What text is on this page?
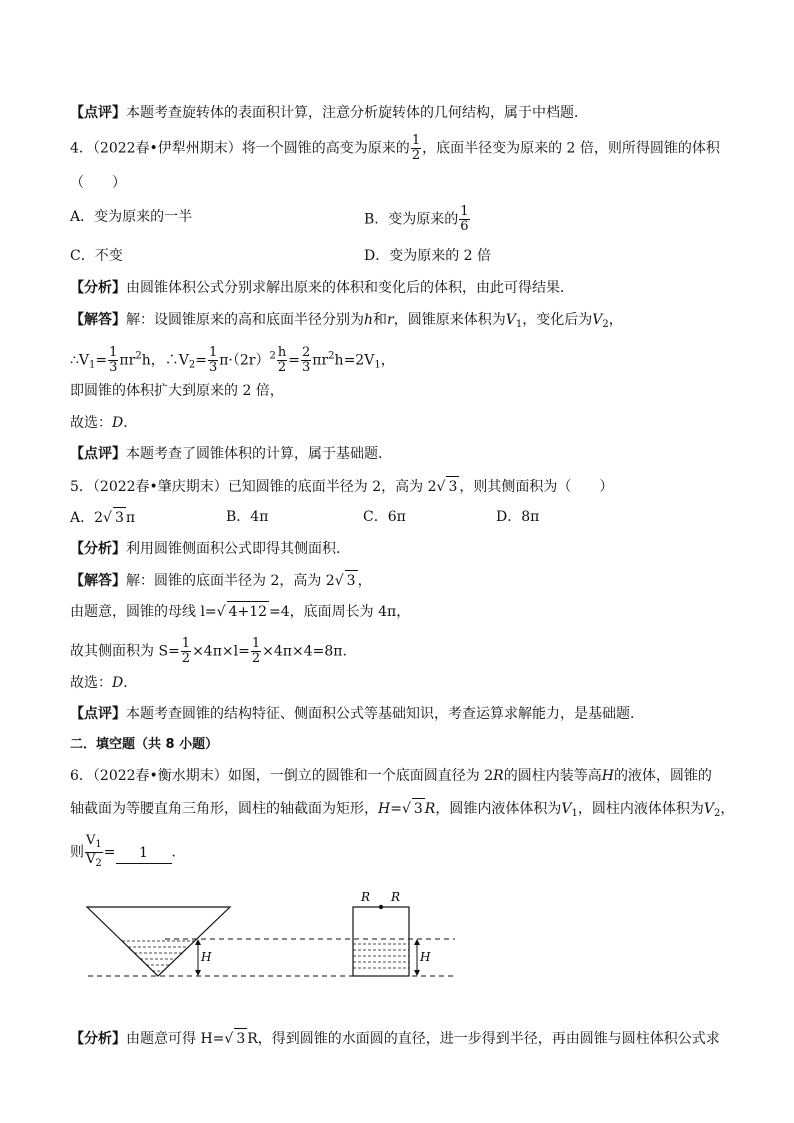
【点评】本题考查旋转体的表面积计算，注意分析旋转体的几何结构，属于中档题．
4．（2022春•伊犁州期末）将一个圆锥的高变为原来的 $\frac{1}{2}$ ，底面半径变为原来的 2 倍，则所得圆锥的体积
（　　）
A．变为原来的一半	B．变为原来的 $\frac{1}{6}$
C．不变	D．变为原来的 2 倍
【分析】由圆锥体积公式分别求解出原来的体积和变化后的体积，由此可得结果．
【解答】解：设圆锥原来的高和底面半径分别为h和r，圆锥原来体积为$V_1$，变化后为$V_2$，
$\therefore V_1= \frac{1}{3} \pi r^2h$，$\therefore V_2= \frac{1}{3} \pi\cdot(2r)^2 \frac{h}{2} = \frac{2}{3} \pi r^2h=2V_1$，
即圆锥的体积扩大到原来的 2 倍，
故选：D．
【点评】本题考查了圆锥体积的计算，属于基础题．
5．（2022春•肇庆期末）已知圆锥的底面半径为 2，高为 2 √ 3 ，则其侧面积为（　　）
A．2 √ 3 π	B．4π	C．6π	D．8π
【分析】利用圆锥侧面积公式即得其侧面积．
【解答】解：圆锥的底面半径为 2，高为 2 √ 3 ，
由题意，圆锥的母线 l= √ 4+12 =4，底面周长为 4π，
故其侧面积为 $S= \frac{1}{2} \times 4\pi\times l= \frac{1}{2} \times 4\pi\times 4=8\pi$．
故选：D．
【点评】本题考查圆锥的结构特征、侧面积公式等基础知识，考查运算求解能力，是基础题．
二．填空题（共 8 小题）
6．（2022春•衡水期末）如图，一倒立的圆锥和一个底面圆直径为 2R的圆柱内装等高H的液体，圆锥的
轴截面为等腰直角三角形，圆柱的轴截面为矩形，H= √ 3 R，圆锥内液体体积为$V_1$，圆柱内液体体积为$V_2$，
则 $\frac{V_1}{V_2} = 1$ ．
H
R R
H
【分析】由题意可得 H= √ 3 R，得到圆锥的水面圆的直径，进一步得到半径，再由圆锥与圆柱体积公式求
